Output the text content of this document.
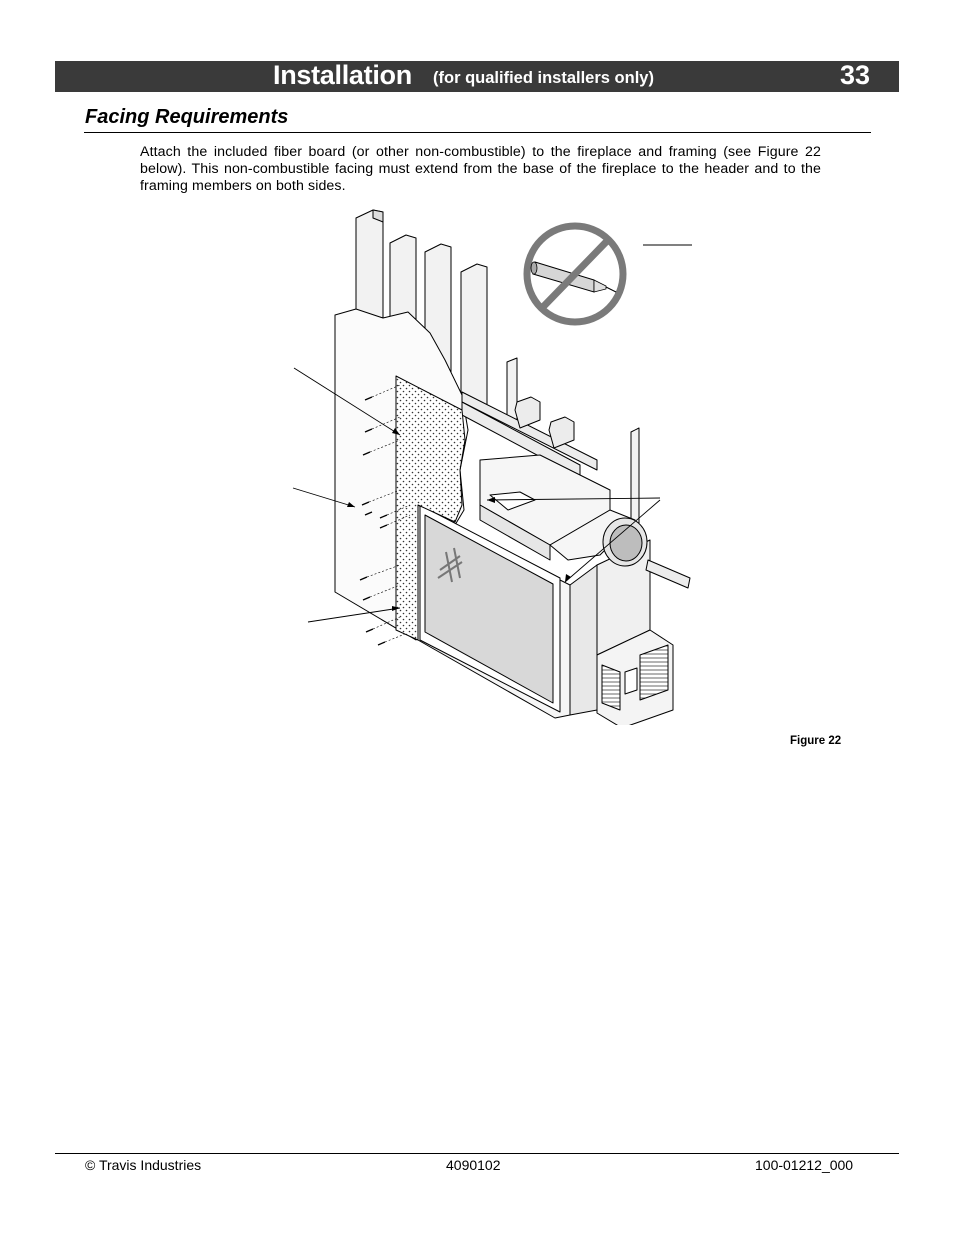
Installation (for qualified installers only)	33
Facing Requirements
Attach the included fiber board (or other non-combustible) to the fireplace and framing (see Figure 22 below). This non-combustible facing must extend from the base of the fireplace to the header and to the framing members on both sides.
Figure 22
© Travis Industries	4090102	100-01212_000
